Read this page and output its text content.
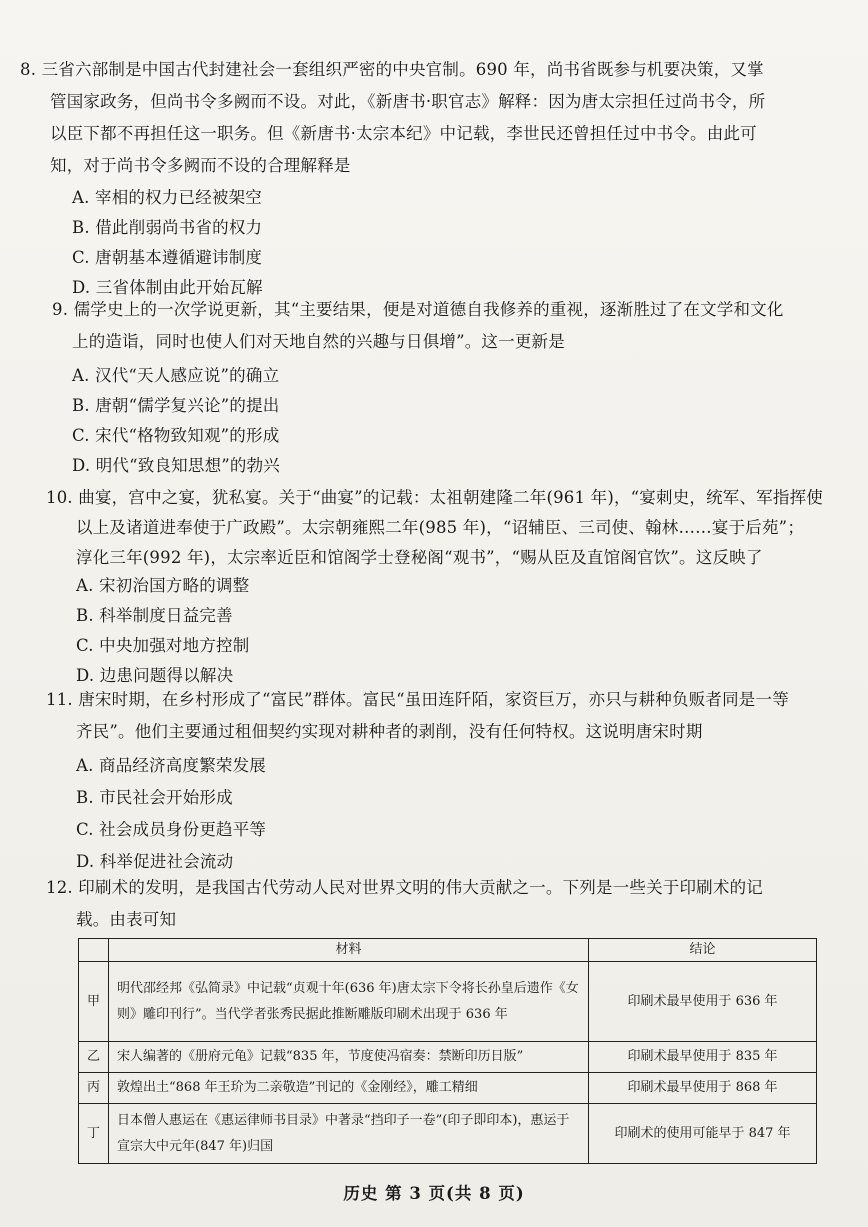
8. 三省六部制是中国古代封建社会一套组织严密的中央官制。690 年，尚书省既参与机要决策，又掌
管国家政务，但尚书令多阙而不设。对此，《新唐书·职官志》解释：因为唐太宗担任过尚书令，所
以臣下都不再担任这一职务。但《新唐书·太宗本纪》中记载，李世民还曾担任过中书令。由此可
知，对于尚书令多阙而不设的合理解释是
A. 宰相的权力已经被架空
B. 借此削弱尚书省的权力
C. 唐朝基本遵循避讳制度
D. 三省体制由此开始瓦解
9. 儒学史上的一次学说更新，其“主要结果，便是对道德自我修养的重视，逐渐胜过了在文学和文化
上的造诣，同时也使人们对天地自然的兴趣与日俱增”。这一更新是
A. 汉代“天人感应说”的确立
B. 唐朝“儒学复兴论”的提出
C. 宋代“格物致知观”的形成
D. 明代“致良知思想”的勃兴
10. 曲宴，宫中之宴，犹私宴。关于“曲宴”的记载：太祖朝建隆二年(961 年)，“宴刺史，统军、军指挥使
以上及诸道进奉使于广政殿”。太宗朝雍熙二年(985 年)，“诏辅臣、三司使、翰林……宴于后苑”；
淳化三年(992 年)，太宗率近臣和馆阁学士登秘阁“观书”，“赐从臣及直馆阁官饮”。这反映了
A. 宋初治国方略的调整
B. 科举制度日益完善
C. 中央加强对地方控制
D. 边患问题得以解决
11. 唐宋时期，在乡村形成了“富民”群体。富民“虽田连阡陌，家资巨万，亦只与耕种负贩者同是一等
齐民”。他们主要通过租佃契约实现对耕种者的剥削，没有任何特权。这说明唐宋时期
A. 商品经济高度繁荣发展
B. 市民社会开始形成
C. 社会成员身份更趋平等
D. 科举促进社会流动
12. 印刷术的发明，是我国古代劳动人民对世界文明的伟大贡献之一。下列是一些关于印刷术的记
载。由表可知
	材料	结论
甲	明代邵经邦《弘简录》中记载“贞观十年(636 年)唐太宗下令将长孙皇后遗作《女则》雕印刊行”。当代学者张秀民据此推断雕版印刷术出现于 636 年	印刷术最早使用于 636 年
乙	宋人编著的《册府元龟》记载“835 年，节度使冯宿奏：禁断印历日版”	印刷术最早使用于 835 年
丙	敦煌出土“868 年王玠为二亲敬造”刊记的《金刚经》，雕工精细	印刷术最早使用于 868 年
丁	日本僧人惠运在《惠运律师书目录》中著录“挡印子一卷”(印子即印本)，惠运于宣宗大中元年(847 年)归国	印刷术的使用可能早于 847 年
历史 第 3 页(共 8 页)
